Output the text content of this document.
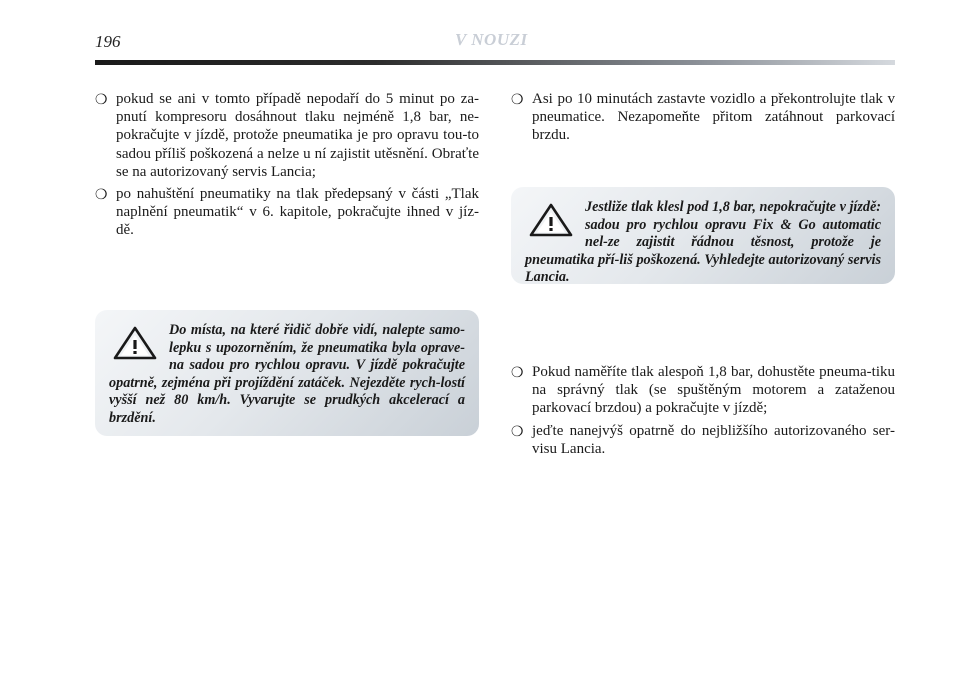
196	V NOUZI
❍ pokud se ani v tomto případě nepodaří do 5 minut po za-pnutí kompresoru dosáhnout tlaku nejméně 1,8 bar, ne-pokračujte v jízdě, protože pneumatika je pro opravu tou-to sadou příliš poškozená a nelze u ní zajistit utěsnění. Obraťte se na autorizovaný servis Lancia;
❍ po nahuštění pneumatiky na tlak předepsaný v části „Tlak naplnění pneumatik“ v 6. kapitole, pokračujte ihned v jíz-dě.

Do místa, na které řidič dobře vidí, nalepte samo-lepku s upozorněním, že pneumatika byla oprave-na sadou pro rychlou opravu. V jízdě pokračujte opatrně, zejména při projíždění zatáček. Nejezděte rych-lostí vyšší než 80 km/h. Vyvarujte se prudkých akcelerací a brzdění.

❍ Asi po 10 minutách zastavte vozidlo a překontrolujte tlak v pneumatice. Nezapomeňte přitom zatáhnout parkovací brzdu.

Jestliže tlak klesl pod 1,8 bar, nepokračujte v jízdě: sadou pro rychlou opravu Fix & Go automatic nel-ze zajistit řádnou těsnost, protože je pneumatika pří-liš poškozená. Vyhledejte autorizovaný servis Lancia.

❍ Pokud naměříte tlak alespoň 1,8 bar, dohustěte pneuma-tiku na správný tlak (se spuštěným motorem a zataženou parkovací brzdou) a pokračujte v jízdě;
❍ jeďte nanejvýš opatrně do nejbližšího autorizovaného ser-visu Lancia.
